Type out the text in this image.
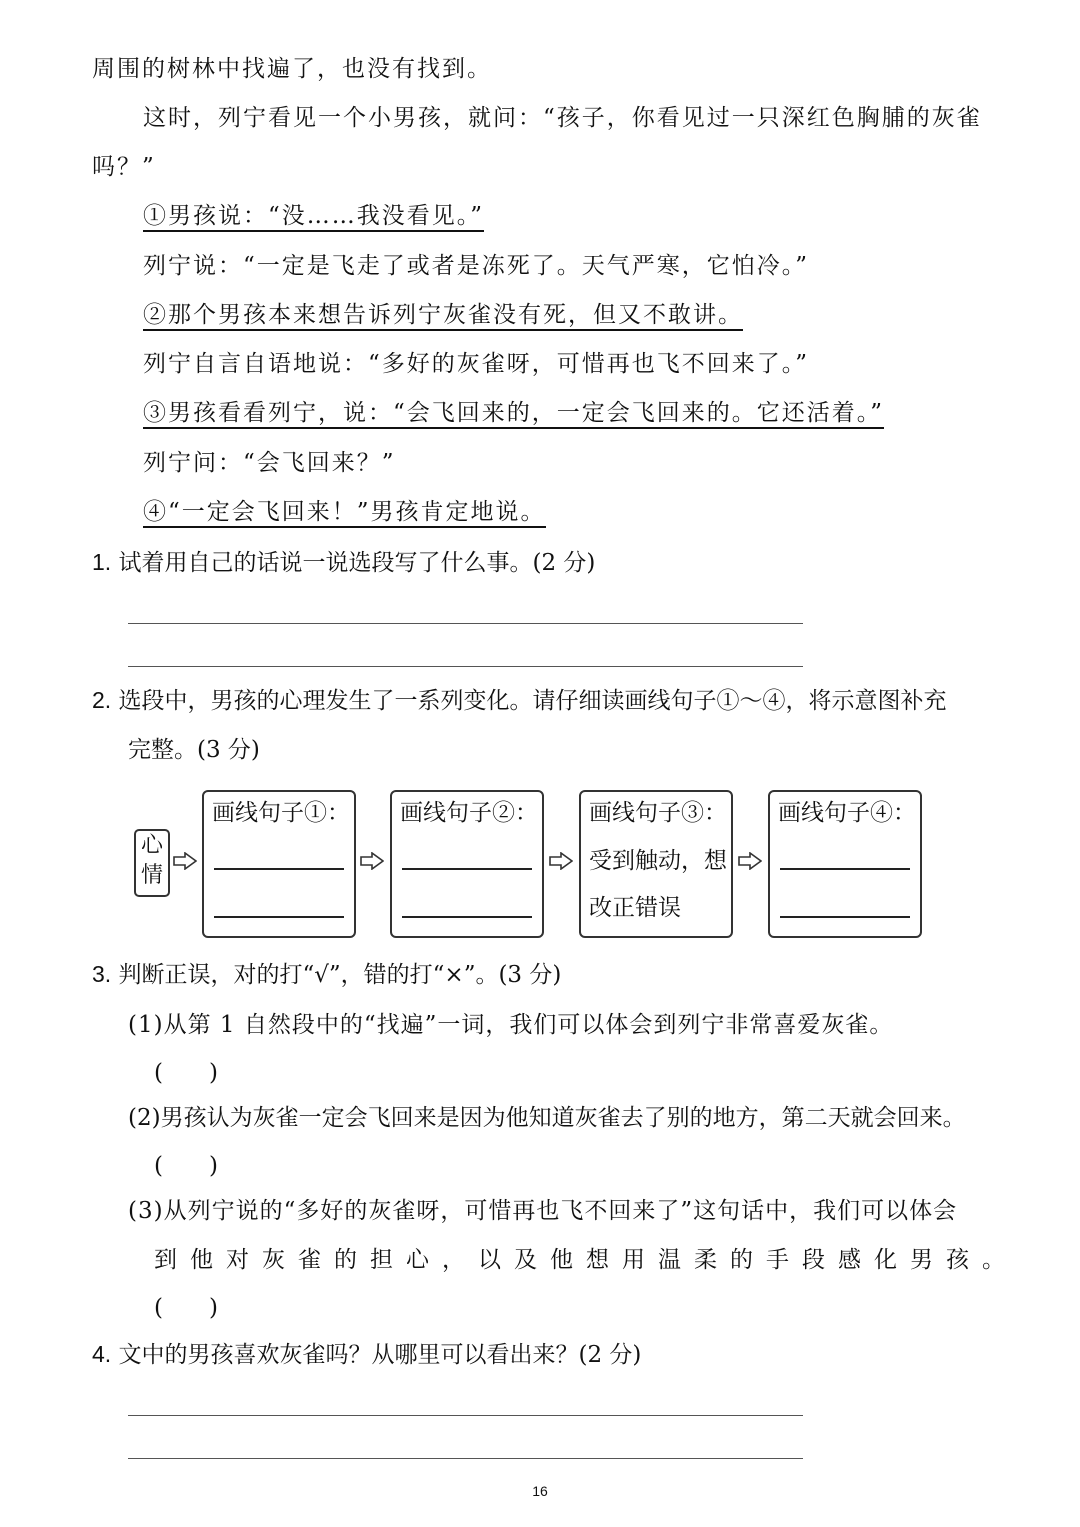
周围的树林中找遍了，也没有找到。
这时，列宁看见一个小男孩，就问：“孩子，你看见过一只深红色胸脯的灰雀
吗？”
①男孩说：“没……我没看见。”
列宁说：“一定是飞走了或者是冻死了。天气严寒，它怕冷。”
②那个男孩本来想告诉列宁灰雀没有死，但又不敢讲。
列宁自言自语地说：“多好的灰雀呀，可惜再也飞不回来了。”
③男孩看看列宁，说：“会飞回来的，一定会飞回来的。它还活着。”
列宁问：“会飞回来？”
④“一定会飞回来！”男孩肯定地说。
1. 试着用自己的话说一说选段写了什么事。(2 分)
2. 选段中，男孩的心理发生了一系列变化。请仔细读画线句子①～④，将示意图补充
完整。(3 分)
心
情
画线句子①： 画线句子②： 画线句子③：
受到触动，想
改正错误
画线句子④：
3. 判断正误，对的打“√”，错的打“×”。(3 分)
(1)从第 1 自然段中的“找遍”一词，我们可以体会到列宁非常喜爱灰雀。
(　　)
(2)男孩认为灰雀一定会飞回来是因为他知道灰雀去了别的地方，第二天就会回来。
(　　)
(3)从列宁说的“多好的灰雀呀，可惜再也飞不回来了”这句话中，我们可以体会
到他对灰雀的担心，以及他想用温柔的手段感化男孩。
(　　)
4. 文中的男孩喜欢灰雀吗？从哪里可以看出来？(2 分)
16
